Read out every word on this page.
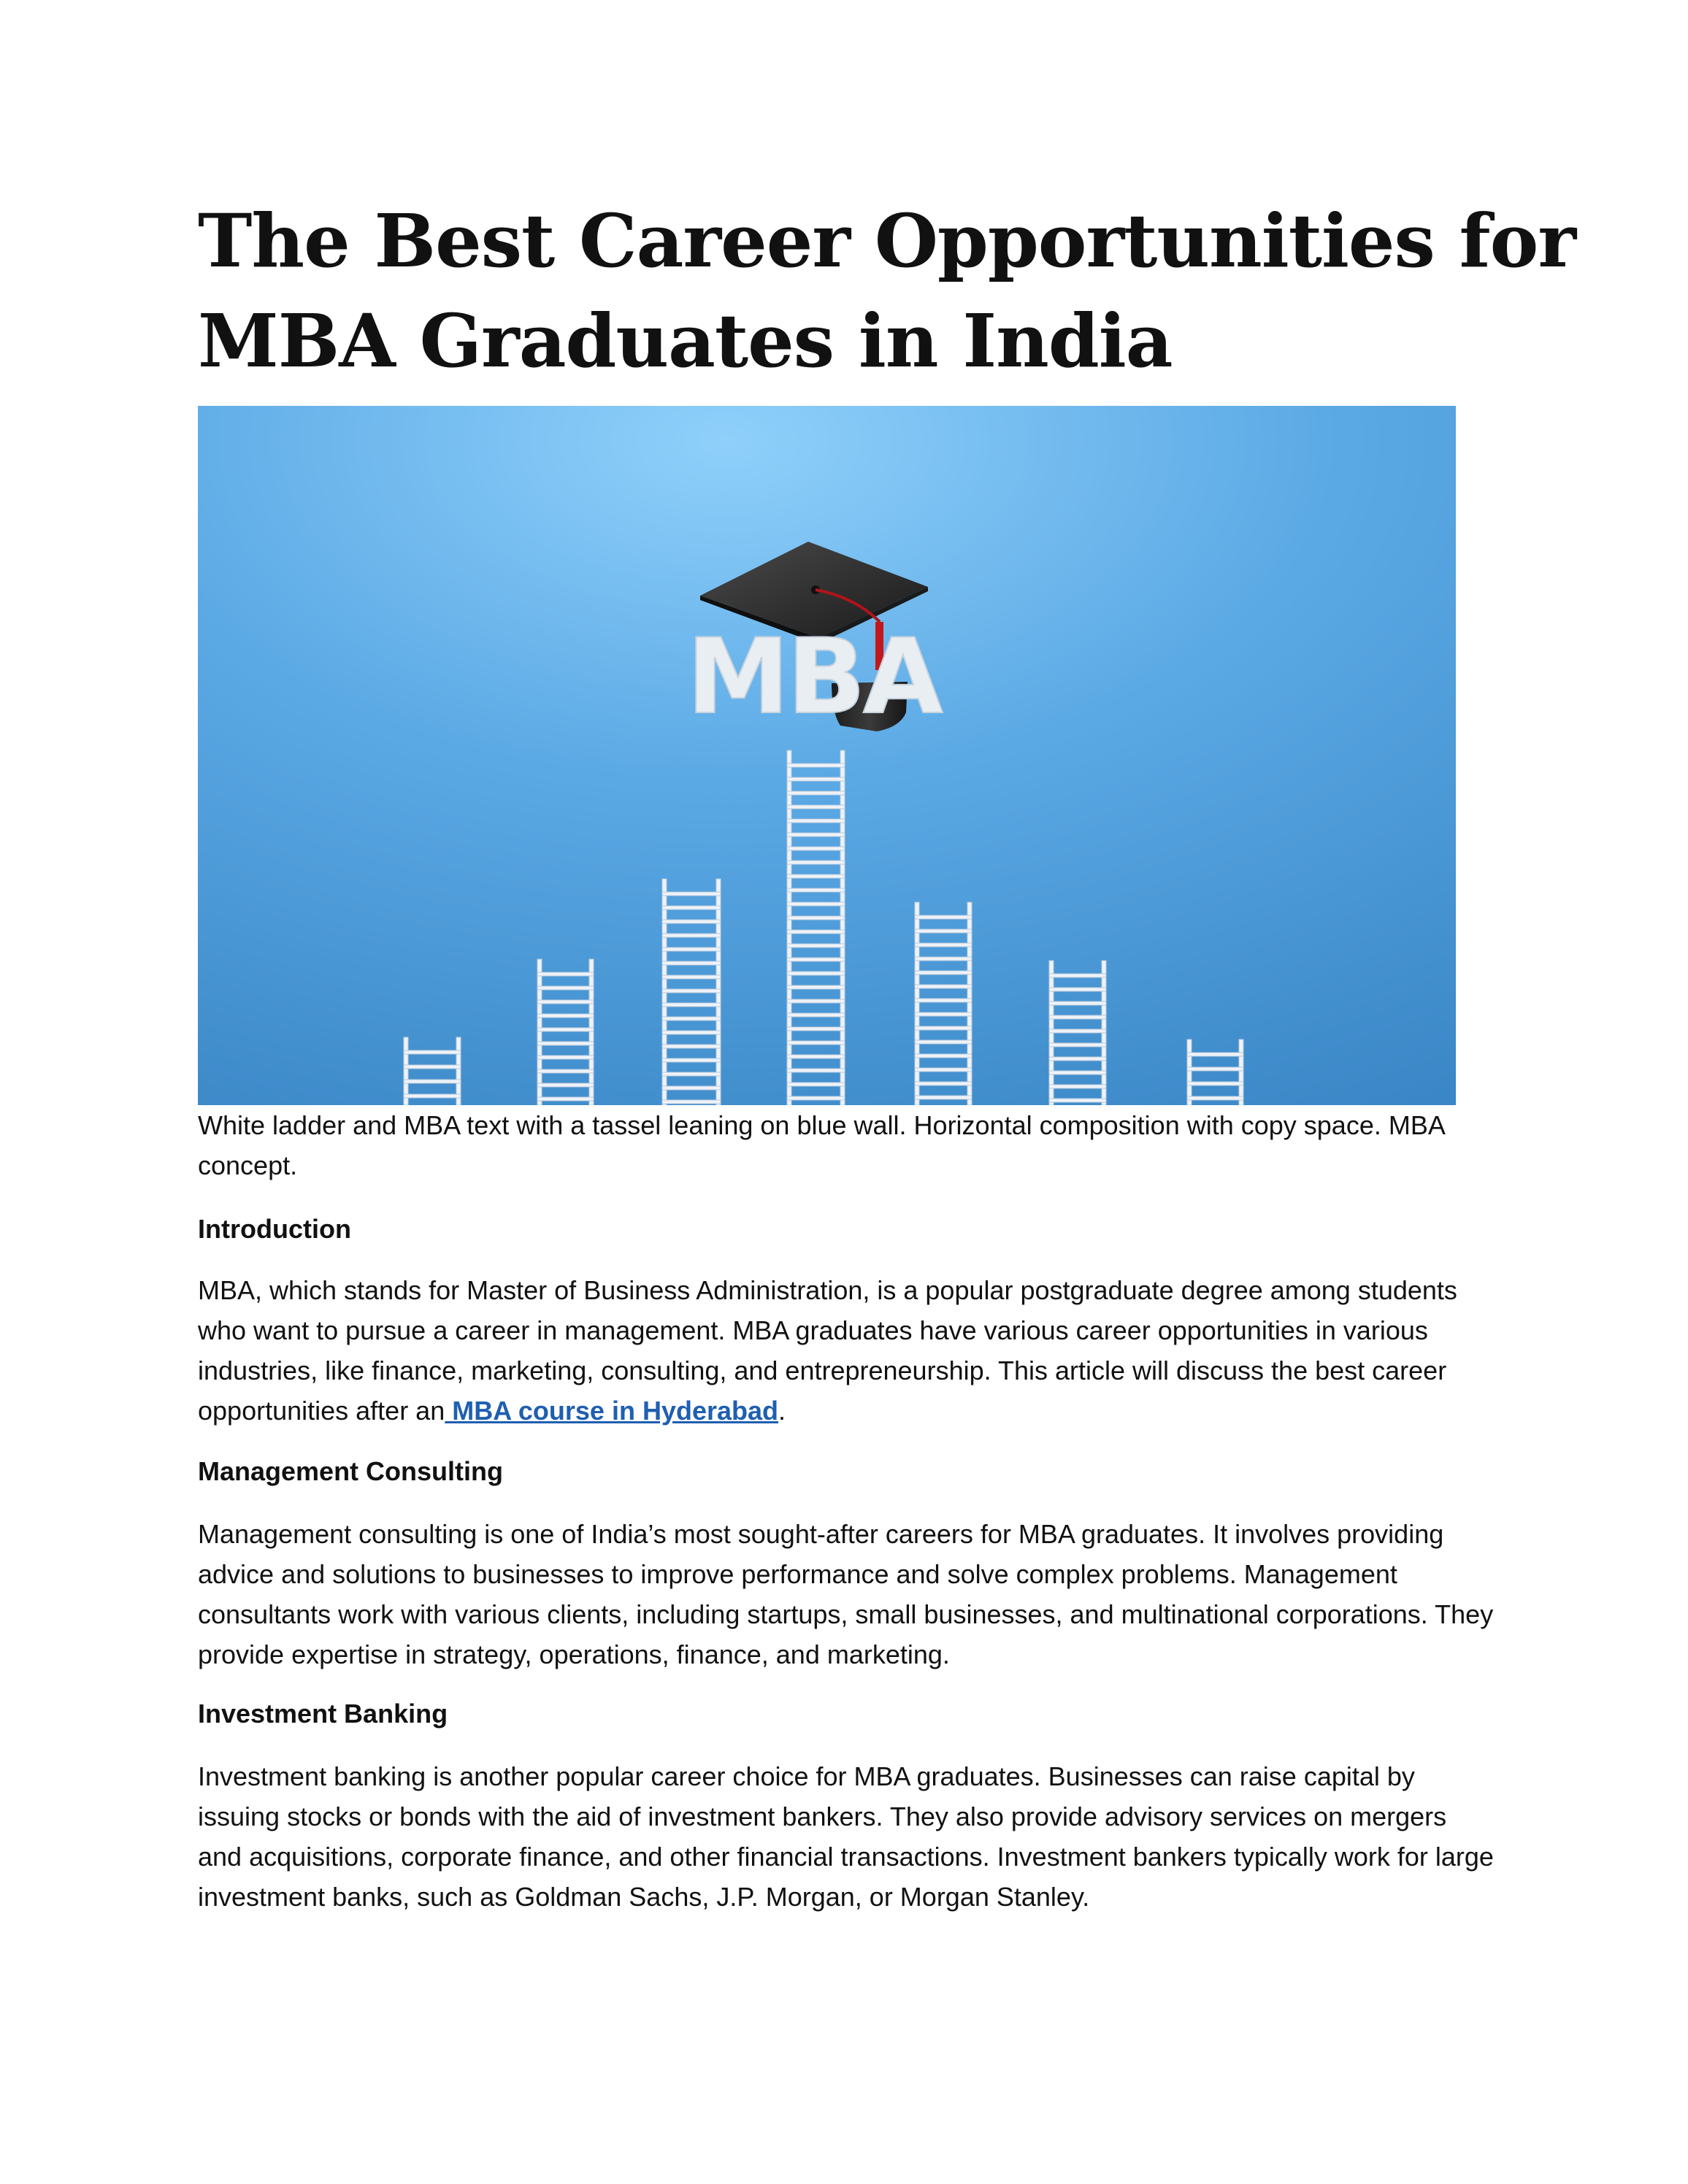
The Best Career Opportunities for MBA Graduates in India
MBA

White ladder and MBA text with a tassel leaning on blue wall. Horizontal composition with copy space. MBA concept.

Introduction

MBA, which stands for Master of Business Administration, is a popular postgraduate degree among students who want to pursue a career in management. MBA graduates have various career opportunities in various industries, like finance, marketing, consulting, and entrepreneurship. This article will discuss the best career opportunities after an MBA course in Hyderabad.

Management Consulting

Management consulting is one of India’s most sought-after careers for MBA graduates. It involves providing advice and solutions to businesses to improve performance and solve complex problems. Management consultants work with various clients, including startups, small businesses, and multinational corporations. They provide expertise in strategy, operations, finance, and marketing.

Investment Banking

Investment banking is another popular career choice for MBA graduates. Businesses can raise capital by issuing stocks or bonds with the aid of investment bankers. They also provide advisory services on mergers and acquisitions, corporate finance, and other financial transactions. Investment bankers typically work for large investment banks, such as Goldman Sachs, J.P. Morgan, or Morgan Stanley.
